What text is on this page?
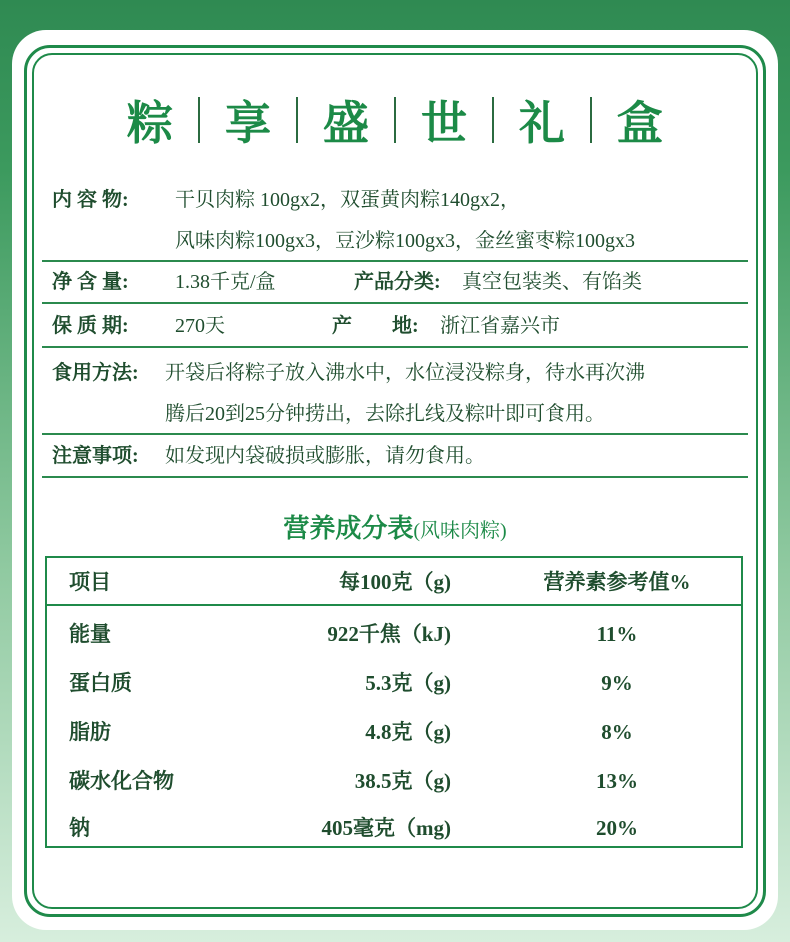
粽 享 盛 世 礼 盒
内 容 物: 干贝肉粽 100gx2，双蛋黄肉粽140gx2，
风味肉粽100gx3，豆沙粽100gx3，金丝蜜枣粽100gx3
净 含 量: 1.38千克/盒	产品分类: 真空包装类、有馅类
保 质 期: 270天	产　　地: 浙江省嘉兴市
食用方法: 开袋后将粽子放入沸水中，水位浸没粽身，待水再次沸
腾后20到25分钟捞出，去除扎线及粽叶即可食用。
注意事项: 如发现内袋破损或膨胀，请勿食用。
营养成分表(风味肉粽)
项目	每100克（g)	营养素参考值%
能量	922千焦（kJ)	11%
蛋白质	5.3克（g)	9%
脂肪	4.8克（g)	8%
碳水化合物	38.5克（g)	13%
钠	405毫克（mg)	20%
